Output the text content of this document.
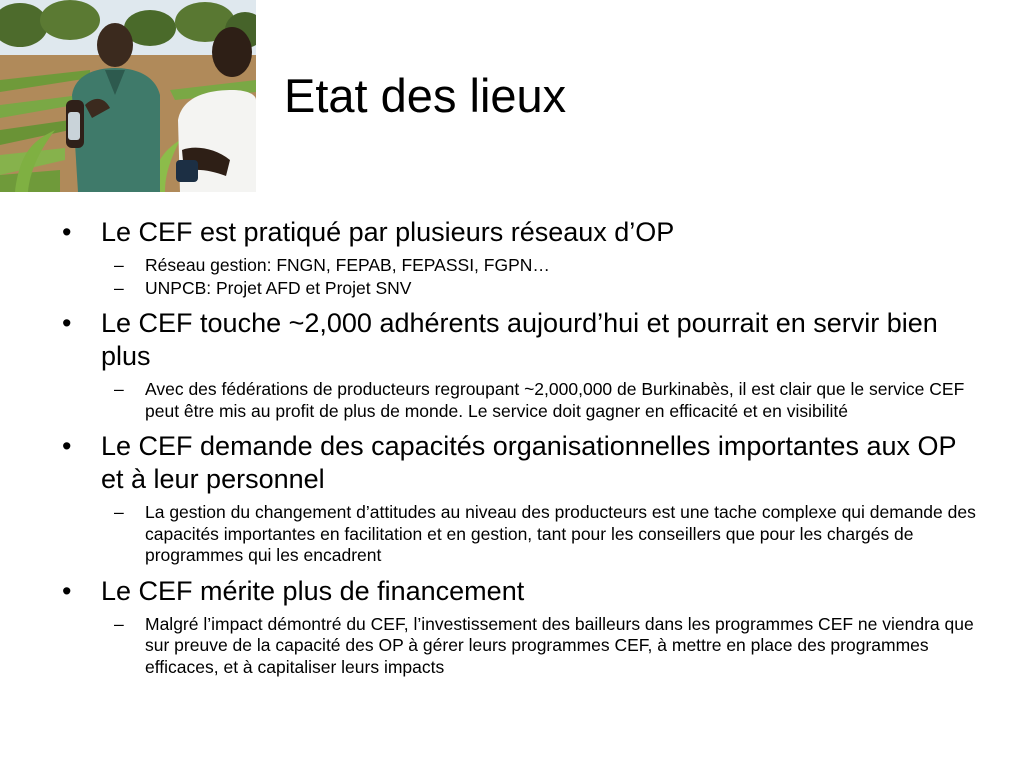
Etat des lieux
• Le CEF est pratiqué par plusieurs réseaux d’OP
– Réseau gestion: FNGN, FEPAB, FEPASSI, FGPN…
– UNPCB: Projet AFD et Projet SNV
• Le CEF touche ~2,000 adhérents aujourd’hui et pourrait en servir bien plus
– Avec des fédérations de producteurs regroupant ~2,000,000 de Burkinabès, il est clair que le service CEF peut être mis au profit de plus de monde. Le service doit gagner en efficacité et en visibilité
• Le CEF demande des capacités organisationnelles importantes aux OP et à leur personnel
– La gestion du changement d’attitudes au niveau des producteurs est une tache complexe qui demande des capacités importantes en facilitation et en gestion, tant pour les conseillers que pour les chargés de programmes qui les encadrent
• Le CEF mérite plus de financement
– Malgré l’impact démontré du CEF, l’investissement des bailleurs dans les programmes CEF ne viendra que sur preuve de la capacité des OP à gérer leurs programmes CEF, à mettre en place des programmes efficaces, et à capitaliser leurs impacts
